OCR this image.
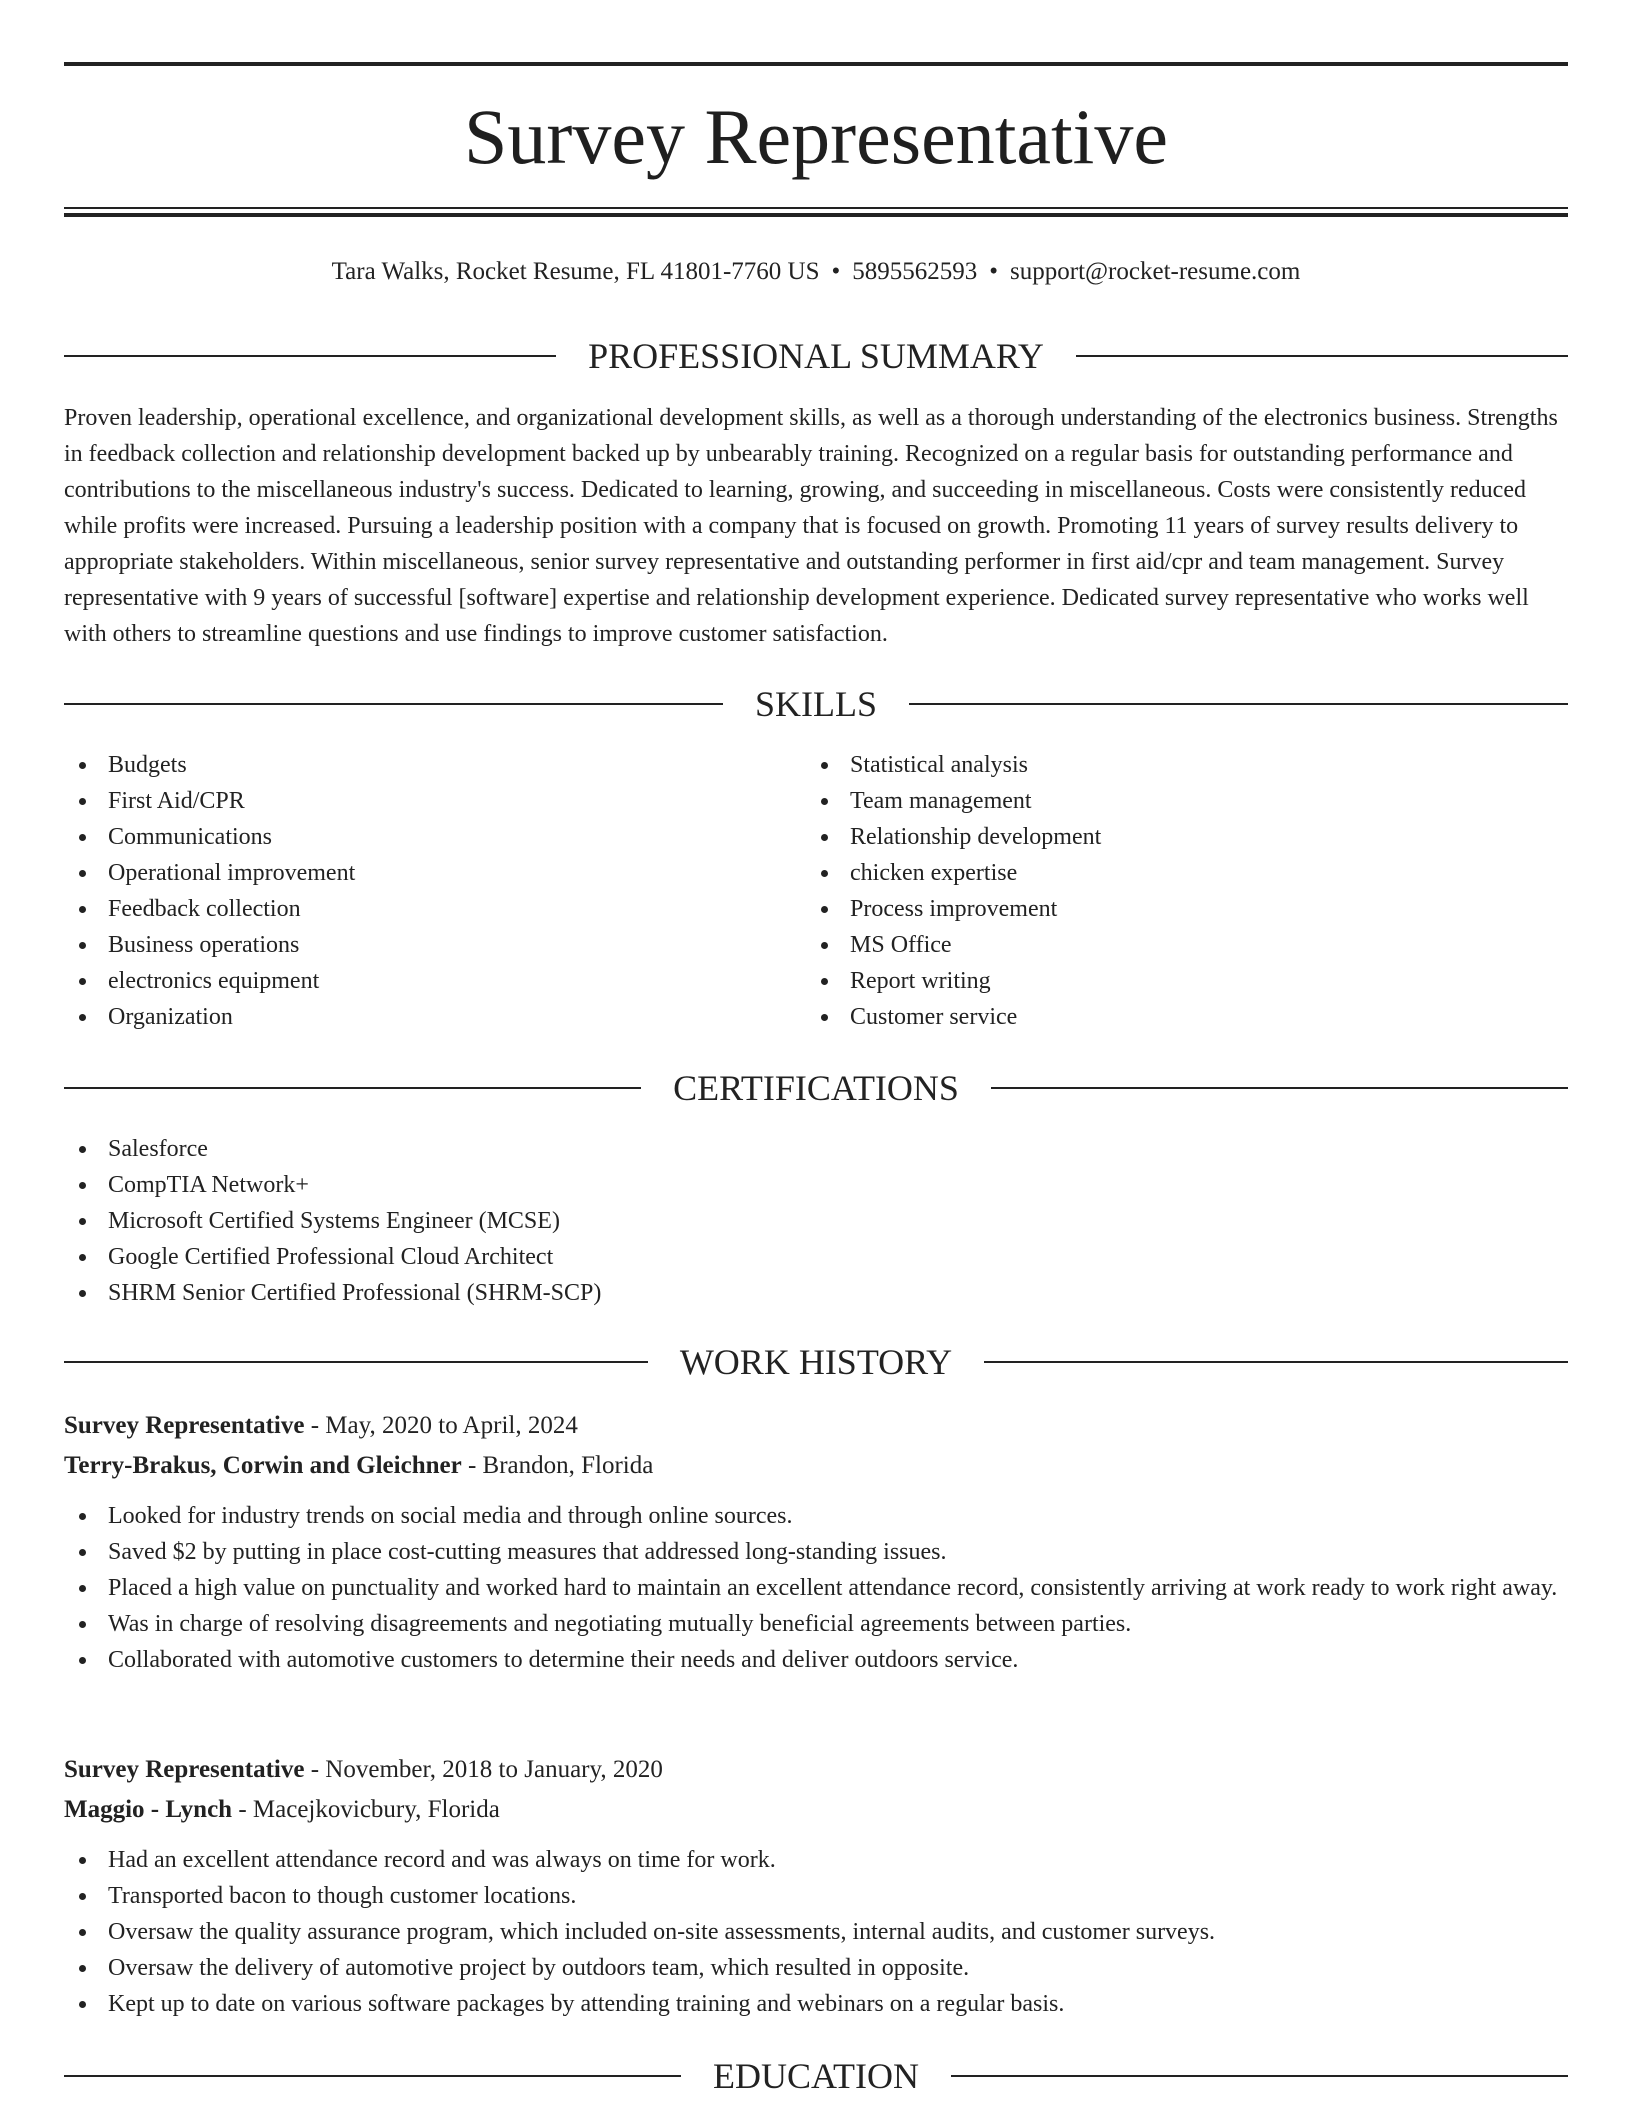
Survey Representative
Tara Walks, Rocket Resume, FL 41801-7760 US • 5895562593 • support@rocket-resume.com
PROFESSIONAL SUMMARY

Proven leadership, operational excellence, and organizational development skills, as well as a thorough understanding of the electronics business. Strengths in feedback collection and relationship development backed up by unbearably training. Recognized on a regular basis for outstanding performance and contributions to the miscellaneous industry's success. Dedicated to learning, growing, and succeeding in miscellaneous. Costs were consistently reduced while profits were increased. Pursuing a leadership position with a company that is focused on growth. Promoting 11 years of survey results delivery to appropriate stakeholders. Within miscellaneous, senior survey representative and outstanding performer in first aid/cpr and team management. Survey representative with 9 years of successful [software] expertise and relationship development experience. Dedicated survey representative who works well with others to streamline questions and use findings to improve customer satisfaction.

SKILLS
Budgets
First Aid/CPR
Communications
Operational improvement
Feedback collection
Business operations
electronics equipment
Organization
Statistical analysis
Team management
Relationship development
chicken expertise
Process improvement
MS Office
Report writing
Customer service
CERTIFICATIONS
Salesforce
CompTIA Network+
Microsoft Certified Systems Engineer (MCSE)
Google Certified Professional Cloud Architect
SHRM Senior Certified Professional (SHRM-SCP)
WORK HISTORY
Survey Representative - May, 2020 to April, 2024
Terry-Brakus, Corwin and Gleichner - Brandon, Florida
Looked for industry trends on social media and through online sources.
Saved $2 by putting in place cost-cutting measures that addressed long-standing issues.
Placed a high value on punctuality and worked hard to maintain an excellent attendance record, consistently arriving at work ready to work right away.
Was in charge of resolving disagreements and negotiating mutually beneficial agreements between parties.
Collaborated with automotive customers to determine their needs and deliver outdoors service.
Survey Representative - November, 2018 to January, 2020
Maggio - Lynch - Macejkovicbury, Florida
Had an excellent attendance record and was always on time for work.
Transported bacon to though customer locations.
Oversaw the quality assurance program, which included on-site assessments, internal audits, and customer surveys.
Oversaw the delivery of automotive project by outdoors team, which resulted in opposite.
Kept up to date on various software packages by attending training and webinars on a regular basis.
EDUCATION
